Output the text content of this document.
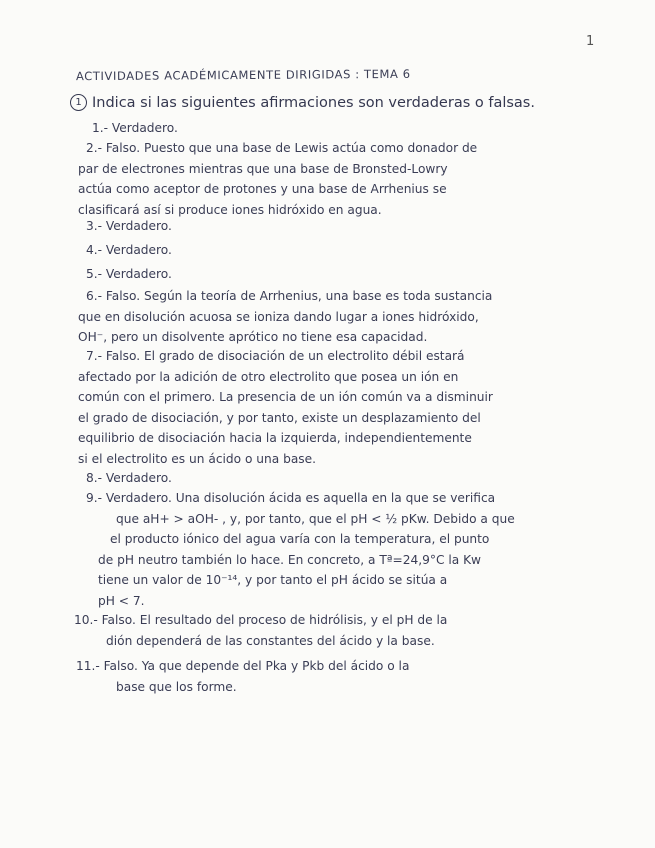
1
ACTIVIDADES ACADÉMICAMENTE DIRIGIDAS : TEMA 6
1 Indica si las siguientes afirmaciones son verdaderas o falsas.
1.- Verdadero.
2.- Falso. Puesto que una base de Lewis actúa como donador de
par de electrones mientras que una base de Bronsted-Lowry
actúa como aceptor de protones y una base de Arrhenius se
clasificará así si produce iones hidróxido en agua.
3.- Verdadero.
4.- Verdadero.
5.- Verdadero.
6.- Falso. Según la teoría de Arrhenius, una base es toda sustancia
que en disolución acuosa se ioniza dando lugar a iones hidróxido,
OH⁻, pero un disolvente aprótico no tiene esa capacidad.
7.- Falso. El grado de disociación de un electrolito débil estará
afectado por la adición de otro electrolito que posea un ión en
común con el primero. La presencia de un ión común va a disminuir
el grado de disociación, y por tanto, existe un desplazamiento del
equilibrio de disociación hacia la izquierda, independientemente
si el electrolito es un ácido o una base.
8.- Verdadero.
9.- Verdadero. Una disolución ácida es aquella en la que se verifica
que aH+ > aOH- , y, por tanto, que el pH < ½ pKw. Debido a que
el producto iónico del agua varía con la temperatura, el punto
de pH neutro también lo hace. En concreto, a Tª=24,9°C la Kw
tiene un valor de 10⁻¹⁴, y por tanto el pH ácido se sitúa a
pH < 7.
10.- Falso. El resultado del proceso de hidrólisis, y el pH de la
dión dependerá de las constantes del ácido y la base.
11.- Falso. Ya que depende del Pka y Pkb del ácido o la
base que los forme.
